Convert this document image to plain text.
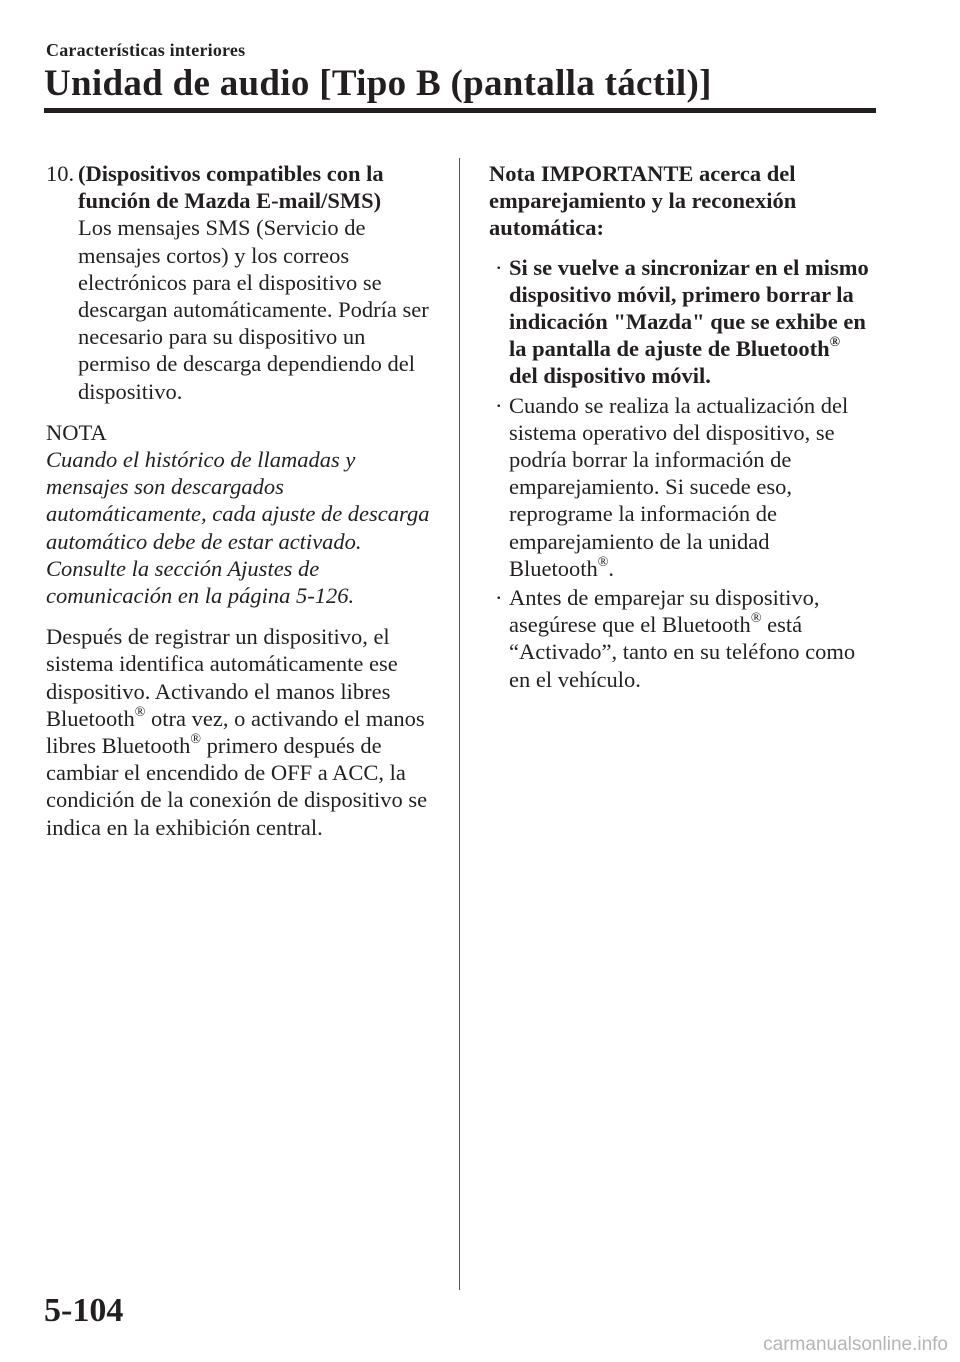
Características interiores
Unidad de audio [Tipo B (pantalla táctil)]
10. (Dispositivos compatibles con la
función de Mazda E-mail/SMS)
Los mensajes SMS (Servicio de
mensajes cortos) y los correos
electrónicos para el dispositivo se
descargan automáticamente. Podría ser
necesario para su dispositivo un
permiso de descarga dependiendo del
dispositivo.
NOTA
Cuando el histórico de llamadas y
mensajes son descargados
automáticamente, cada ajuste de descarga
automático debe de estar activado.
Consulte la sección Ajustes de
comunicación en la página 5-126.
Después de registrar un dispositivo, el
sistema identifica automáticamente ese
dispositivo. Activando el manos libres
Bluetooth® otra vez, o activando el manos
libres Bluetooth® primero después de
cambiar el encendido de OFF a ACC, la
condición de la conexión de dispositivo se
indica en la exhibición central.
Nota IMPORTANTE acerca del
emparejamiento y la reconexión
automática:
· Si se vuelve a sincronizar en el mismo
dispositivo móvil, primero borrar la
indicación "Mazda" que se exhibe en
la pantalla de ajuste de Bluetooth®
del dispositivo móvil.
· Cuando se realiza la actualización del
sistema operativo del dispositivo, se
podría borrar la información de
emparejamiento. Si sucede eso,
reprograme la información de
emparejamiento de la unidad
Bluetooth®.
· Antes de emparejar su dispositivo,
asegúrese que el Bluetooth® está
“Activado”, tanto en su teléfono como
en el vehículo.
5-104
carmanualsonline.info
